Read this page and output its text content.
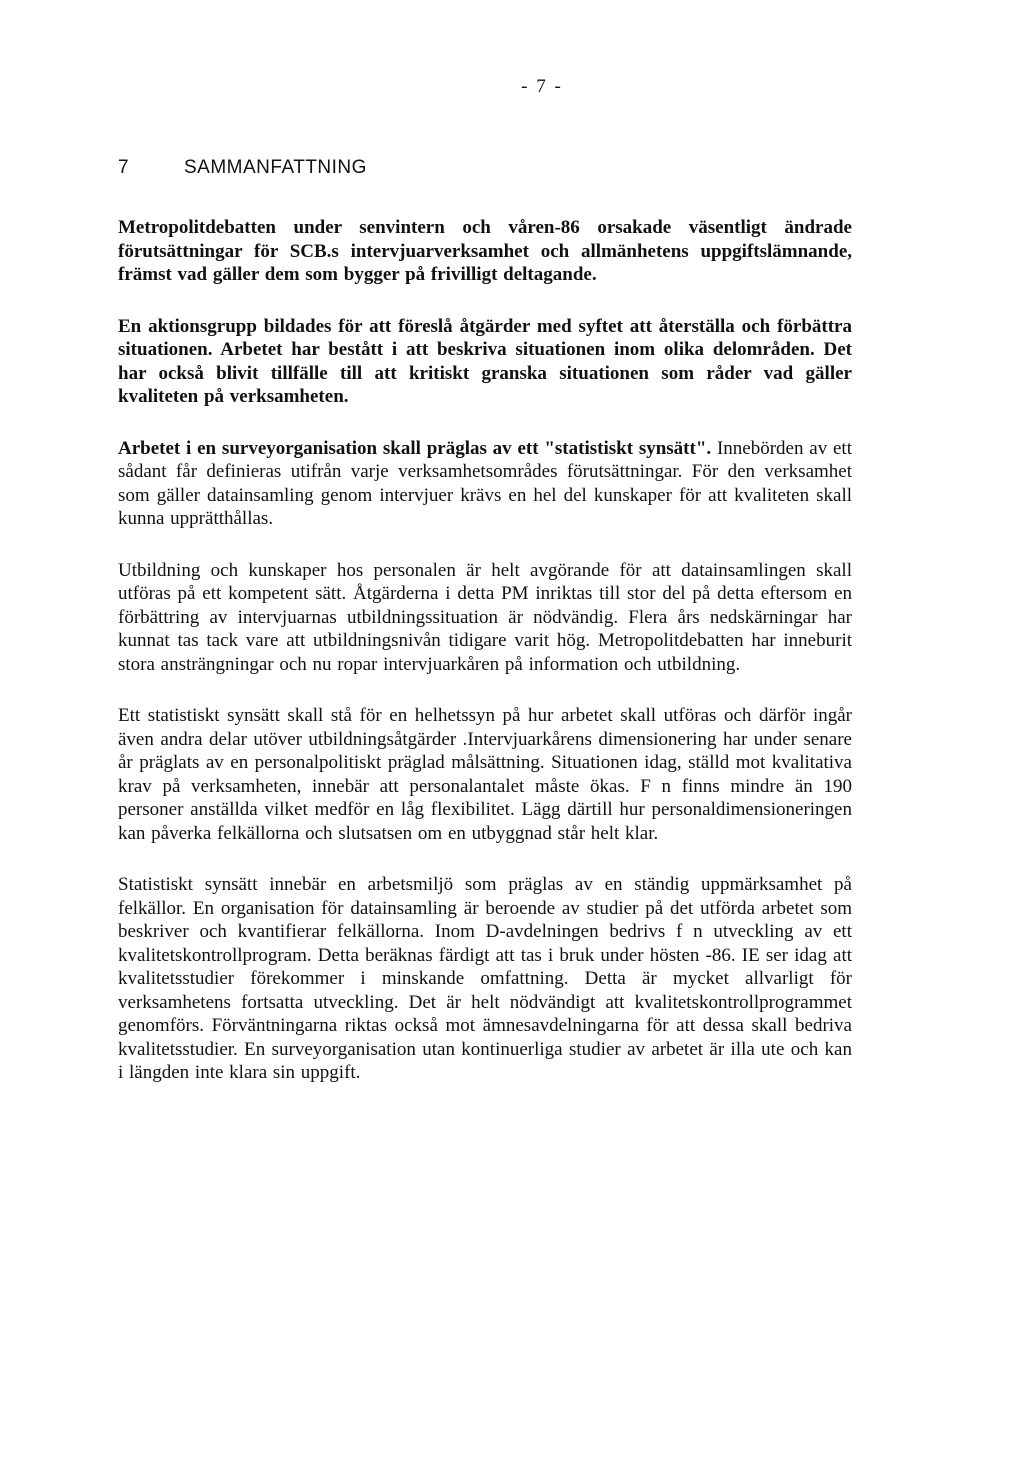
- 7 -
7	SAMMANFATTNING

Metropolitdebatten under senvintern och våren-86 orsakade väsentligt ändrade förutsättningar för SCB.s intervjuarverksamhet och allmänhetens uppgiftslämnande, främst vad gäller dem som bygger på frivilligt deltagande.

En aktionsgrupp bildades för att föreslå åtgärder med syftet att återställa och förbättra situationen. Arbetet har bestått i att beskriva situationen inom olika delområden. Det har också blivit tillfälle till att kritiskt granska situationen som råder vad gäller kvaliteten på verksamheten.

Arbetet i en surveyorganisation skall präglas av ett "statistiskt synsätt". Innebörden av ett sådant får definieras utifrån varje verksamhetsområdes förutsättningar. För den verksamhet som gäller datainsamling genom intervjuer krävs en hel del kunskaper för att kvaliteten skall kunna upprätthållas.

Utbildning och kunskaper hos personalen är helt avgörande för att datainsamlingen skall utföras på ett kompetent sätt. Åtgärderna i detta PM inriktas till stor del på detta eftersom en förbättring av intervjuarnas utbildningssituation är nödvändig. Flera års nedskärningar har kunnat tas tack vare att utbildningsnivån tidigare varit hög. Metropolitdebatten har inneburit stora ansträngningar och nu ropar intervjuarkåren på information och utbildning.

Ett statistiskt synsätt skall stå för en helhetssyn på hur arbetet skall utföras och därför ingår även andra delar utöver utbildningsåtgärder .Intervjuarkårens dimensionering har under senare år präglats av en personalpolitiskt präglad målsättning. Situationen idag, ställd mot kvalitativa krav på verksamheten, innebär att personalantalet måste ökas. F n finns mindre än 190 personer anställda vilket medför en låg flexibilitet. Lägg därtill hur personaldimensioneringen kan påverka felkällorna och slutsatsen om en utbyggnad står helt klar.

Statistiskt synsätt innebär en arbetsmiljö som präglas av en ständig uppmärksamhet på felkällor. En organisation för datainsamling är beroende av studier på det utförda arbetet som beskriver och kvantifierar felkällorna. Inom D-avdelningen bedrivs f n utveckling av ett kvalitetskontrollprogram. Detta beräknas färdigt att tas i bruk under hösten -86. IE ser idag att kvalitetsstudier förekommer i minskande omfattning. Detta är mycket allvarligt för verksamhetens fortsatta utveckling. Det är helt nödvändigt att kvalitetskontrollprogrammet genomförs. Förväntningarna riktas också mot ämnesavdelningarna för att dessa skall bedriva kvalitetsstudier. En surveyorganisation utan kontinuerliga studier av arbetet är illa ute och kan i längden inte klara sin uppgift.
